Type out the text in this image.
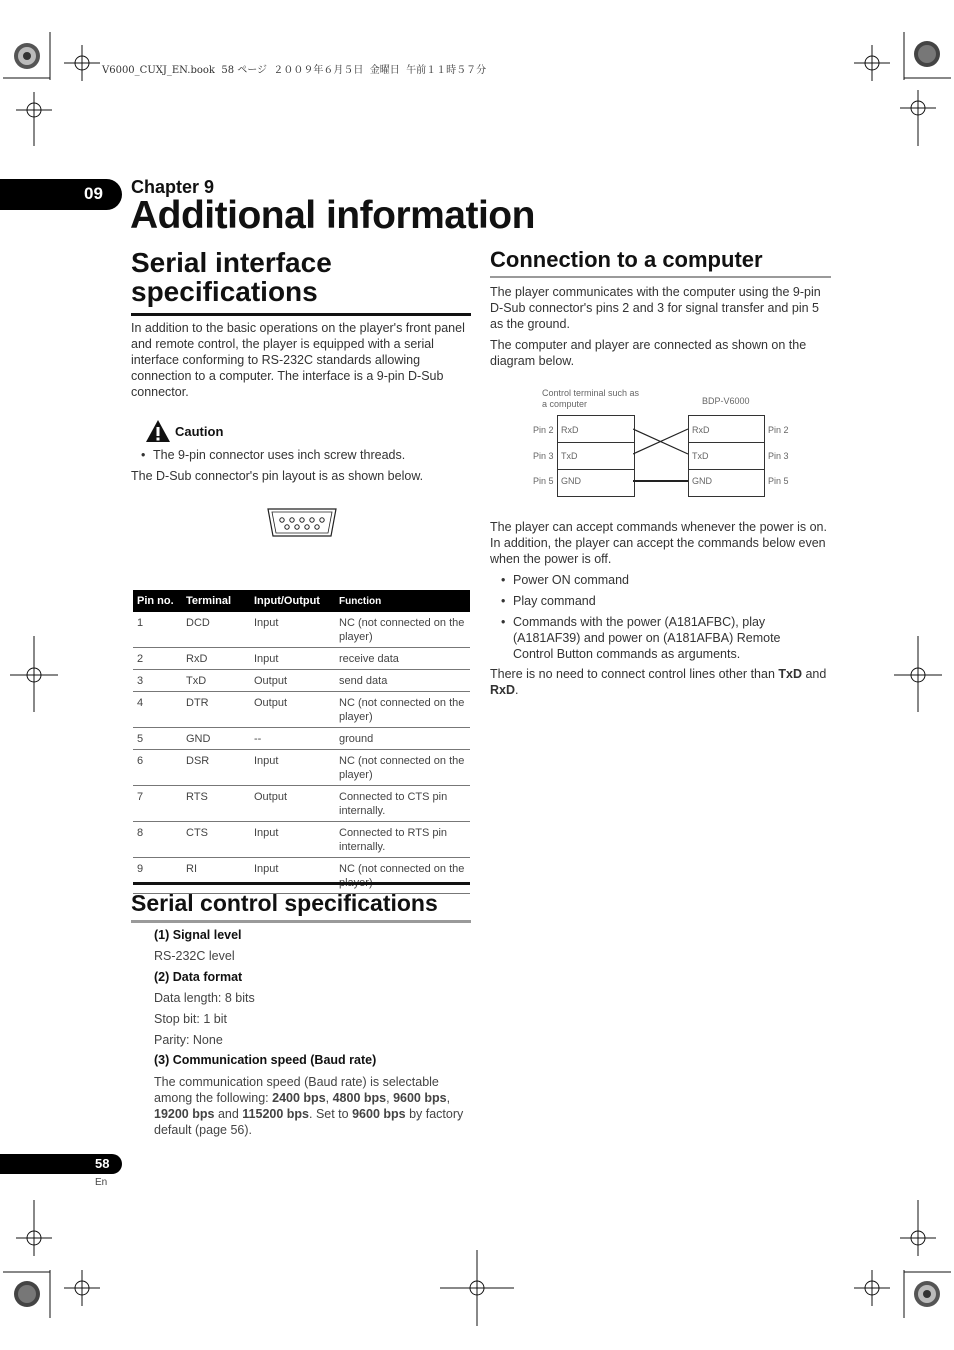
V6000_CUXJ_EN.book  58 ページ  ２００９年６月５日  金曜日  午前１１時５７分
09 Chapter 9
Additional information
Serial interface
specifications
In addition to the basic operations on the player's front panel and remote control, the player is equipped with a serial interface conforming to RS-232C standards allowing connection to a computer. The interface is a 9-pin D-Sub connector.
Caution
• The 9-pin connector uses inch screw threads.
The D-Sub connector's pin layout is as shown below.
Pin no.	Terminal	Input/Output	Function
1	DCD	Input	NC (not connected on the player)
2	RxD	Input	receive data
3	TxD	Output	send data
4	DTR	Output	NC (not connected on the player)
5	GND	--	ground
6	DSR	Input	NC (not connected on the player)
7	RTS	Output	Connected to CTS pin internally.
8	CTS	Input	Connected to RTS pin internally.
9	RI	Input	NC (not connected on the
Serial control specifications
(1) Signal level
RS-232C level
(2) Data format
Data length: 8 bits
Stop bit: 1 bit
Parity: None
(3) Communication speed (Baud rate)
The communication speed (Baud rate) is selectable among the following: 2400 bps, 4800 bps, 9600 bps, 19200 bps and 115200 bps. Set to 9600 bps by factory default (page 56).
Connection to a computer
The player communicates with the computer using the 9-pin D-Sub connector's pins 2 and 3 for signal transfer and pin 5 as the ground.
The computer and player are connected as shown on the diagram below.
Control terminal such as
a computer	BDP-V6000
Pin 2
Pin 3
Pin 5
RxD
TxD
GND
RxD
TxD
GND
Pin 2
Pin 3
Pin 5
The player can accept commands whenever the power is on. In addition, the player can accept the commands below even when the power is off.
• Power ON command
• Play command
• Commands with the power (A181AFBC), play (A181AF39) and power on (A181AFBA) Remote Control Button commands as arguments.
There is no need to connect control lines other than TxD and RxD.
58
En
